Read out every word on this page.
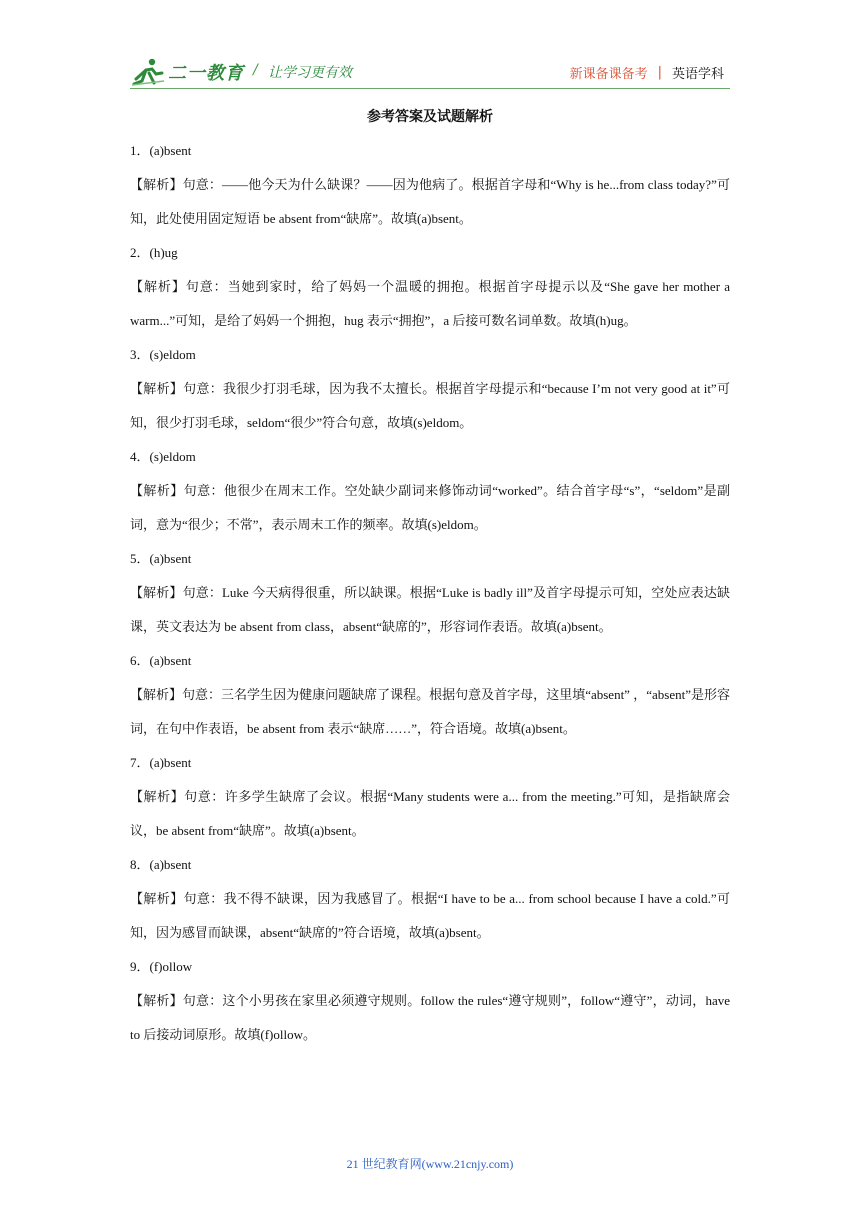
二一教育 / 让学习更有效	新课备课备考 | 英语学科
参考答案及试题解析

1．(a)bsent

【解析】句意：——他今天为什么缺课？——因为他病了。根据首字母和“Why is he...from class today?”可知，此处使用固定短语 be absent from“缺席”。故填(a)bsent。

2．(h)ug

【解析】句意：当她到家时，给了妈妈一个温暖的拥抱。根据首字母提示以及“She gave her mother a warm...”可知，是给了妈妈一个拥抱，hug 表示“拥抱”，a 后接可数名词单数。故填(h)ug。

3．(s)eldom

【解析】句意：我很少打羽毛球，因为我不太擅长。根据首字母提示和“because I’m not very good at it”可知，很少打羽毛球，seldom“很少”符合句意，故填(s)eldom。

4．(s)eldom

【解析】句意：他很少在周末工作。空处缺少副词来修饰动词“worked”。结合首字母“s”，“seldom”是副词，意为“很少；不常”，表示周末工作的频率。故填(s)eldom。

5．(a)bsent

【解析】句意：Luke 今天病得很重，所以缺课。根据“Luke is badly ill”及首字母提示可知，空处应表达缺课，英文表达为 be absent from class，absent“缺席的”，形容词作表语。故填(a)bsent。

6．(a)bsent

【解析】句意：三名学生因为健康问题缺席了课程。根据句意及首字母，这里填“absent” ，“absent”是形容词，在句中作表语，be absent from 表示“缺席……”，符合语境。故填(a)bsent。

7．(a)bsent

【解析】句意：许多学生缺席了会议。根据“Many students were a... from the meeting.”可知，是指缺席会议，be absent from“缺席”。故填(a)bsent。

8．(a)bsent

【解析】句意：我不得不缺课，因为我感冒了。根据“I have to be a... from school because I have a cold.”可知，因为感冒而缺课，absent“缺席的”符合语境，故填(a)bsent。

9．(f)ollow

【解析】句意：这个小男孩在家里必须遵守规则。follow the rules“遵守规则”，follow“遵守”，动词，have to 后接动词原形。故填(f)ollow。

21 世纪教育网(www.21cnjy.com)
